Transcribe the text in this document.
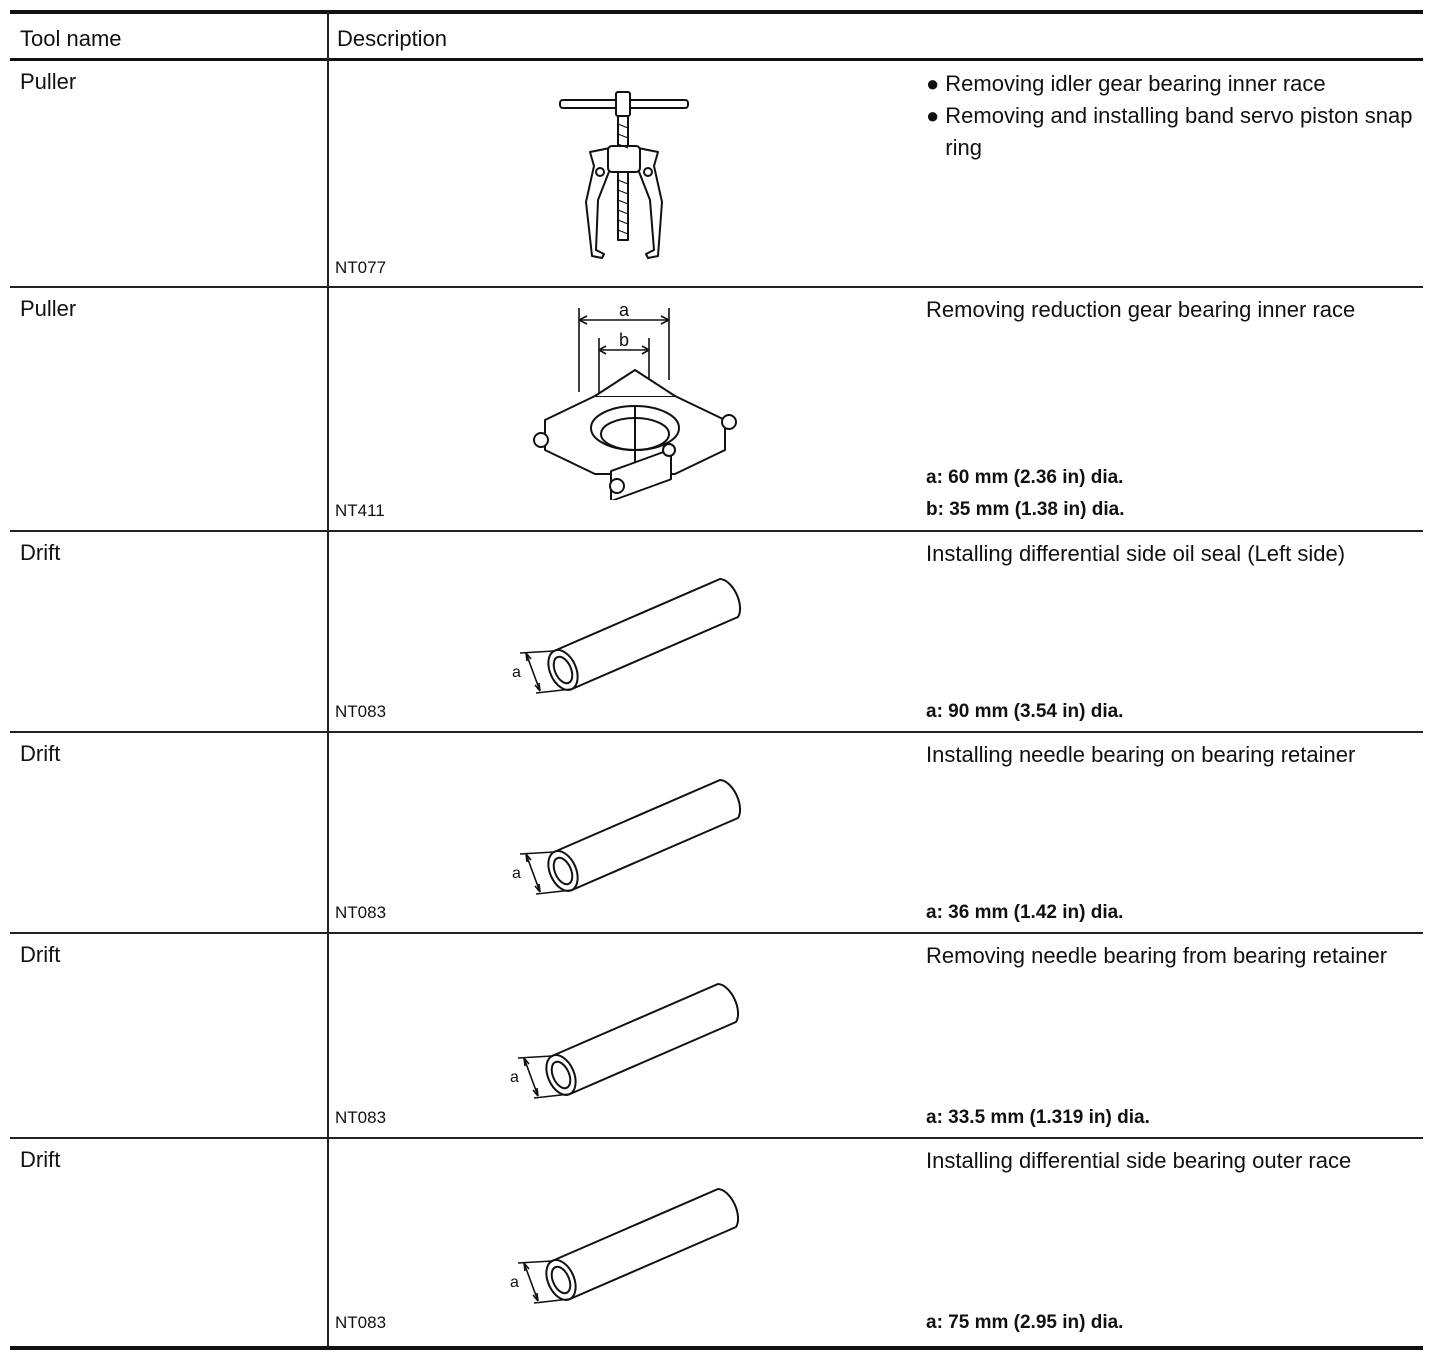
Tool name	Description
Puller
NT077
● Removing idler gear bearing inner race
● Removing and installing band servo piston snap ring
Puller	a
b
NT411
Removing reduction gear bearing inner race
a: 60 mm (2.36 in) dia.
b: 35 mm (1.38 in) dia.
Drift
a
NT083
Installing differential side oil seal (Left side)
a: 90 mm (3.54 in) dia.
Drift
a
NT083
Installing needle bearing on bearing retainer
a: 36 mm (1.42 in) dia.
Drift
a
NT083
Removing needle bearing from bearing retainer
a: 33.5 mm (1.319 in) dia.
Drift
a
NT083
Installing differential side bearing outer race
a: 75 mm (2.95 in) dia.
